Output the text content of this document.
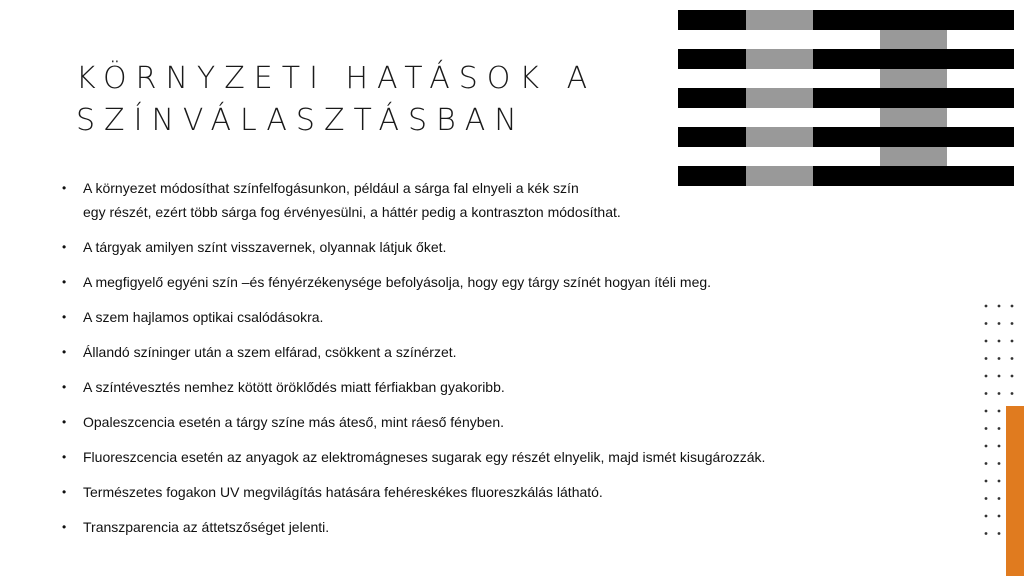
KÖRNYZETI HATÁSOK A
SZÍNVÁLASZTÁSBAN
• A környezet módosíthat színfelfogásunkon, például a sárga fal elnyeli a kék szín
egy részét, ezért több sárga fog érvényesülni, a háttér pedig a kontraszton módosíthat.
• A tárgyak amilyen színt visszavernek, olyannak látjuk őket.
• A megfigyelő egyéni szín –és fényérzékenysége befolyásolja, hogy egy tárgy színét hogyan ítéli meg.
• A szem hajlamos optikai csalódásokra.
• Állandó színinger után a szem elfárad, csökkent a színérzet.
• A színtévesztés nemhez kötött öröklődés miatt férfiakban gyakoribb.
• Opaleszcencia esetén a tárgy színe más áteső, mint ráeső fényben.
• Fluoreszcencia esetén az anyagok az elektromágneses sugarak egy részét elnyelik, majd ismét kisugározzák.
• Természetes fogakon UV megvilágítás hatására fehéreskékes fluoreszkálás látható.
• Transzparencia az áttetszőséget jelenti.
